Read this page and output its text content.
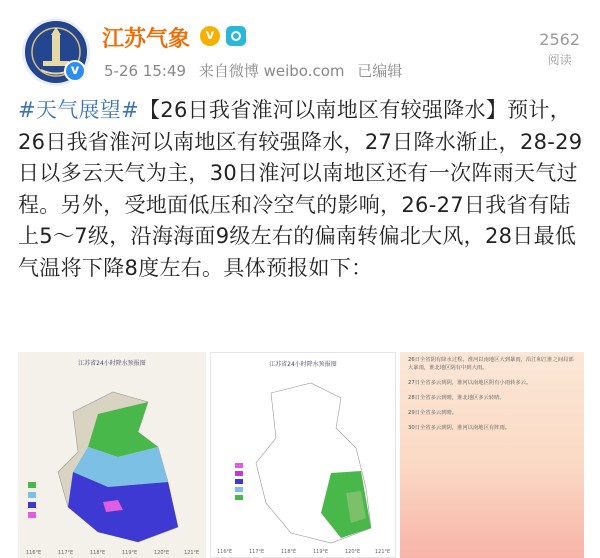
v
江苏气象	V
5-26 15:49 来自微博 weibo.com 已编辑
2562
阅读
#天气展望#【26日我省淮河以南地区有较强降水】预计，26日我省淮河以南地区有较强降水，27日降水渐止，28-29日以多云天气为主，30日淮河以南地区还有一次阵雨天气过程。另外，受地面低压和冷空气的影响，26-27日我省有陆上5～7级，沿海海面9级左右的偏南转偏北大风，28日最低气温将下降8度左右。具体预报如下：
江苏省24小时降水预报图
116°E	117°E	118°E	119°E	120°E	121°E
江苏省24小时降水预报图
116°E	117°E	118°E	119°E	120°E	121°E

26日全省阴有降水过程。淮河以南地区大到暴雨，沿江和江淮之间局部大暴雨，淮北地区阴有中到大雨。

27日全省多云到阴，淮河以南地区阴有小雨转多云。

28日全省多云到晴，淮北地区多云转晴。

29日全省多云到晴。

30日全省多云到阴，淮河以南地区有阵雨。
